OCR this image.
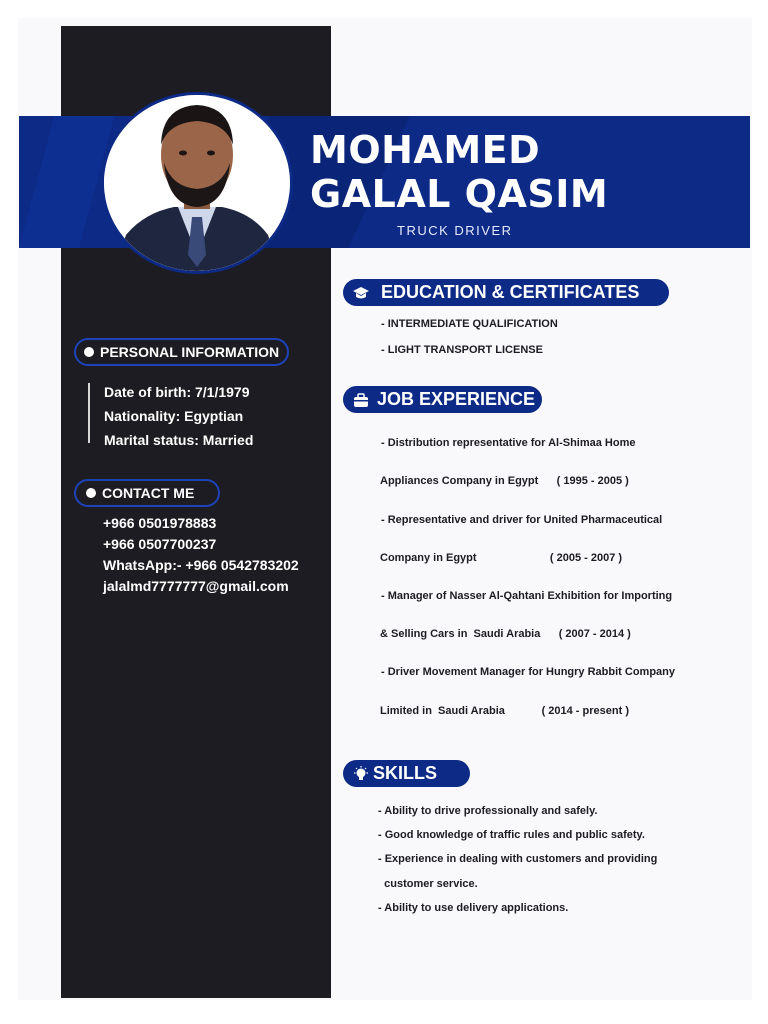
MOHAMED
GALAL QASIM
TRUCK DRIVER
PERSONAL INFORMATION
Date of birth: 7/1/1979
Nationality: Egyptian
Marital status: Married
CONTACT ME
+966 0501978883
+966 0507700237
WhatsApp:- +966 0542783202
jalalmd7777777@gmail.com
EDUCATION & CERTIFICATES
- INTERMEDIATE QUALIFICATION
- LIGHT TRANSPORT LICENSE
JOB EXPERIENCE
- Distribution representative for Al-Shimaa Home
Appliances Company in Egypt      ( 1995 - 2005 )
- Representative and driver for United Pharmaceutical
Company in Egypt                        ( 2005 - 2007 )
- Manager of Nasser Al-Qahtani Exhibition for Importing
& Selling Cars in  Saudi Arabia      ( 2007 - 2014 )
- Driver Movement Manager for Hungry Rabbit Company
Limited in  Saudi Arabia            ( 2014 - present )
SKILLS
- Ability to drive professionally and safely.
- Good knowledge of traffic rules and public safety.
- Experience in dealing with customers and providing
customer service.
- Ability to use delivery applications.
